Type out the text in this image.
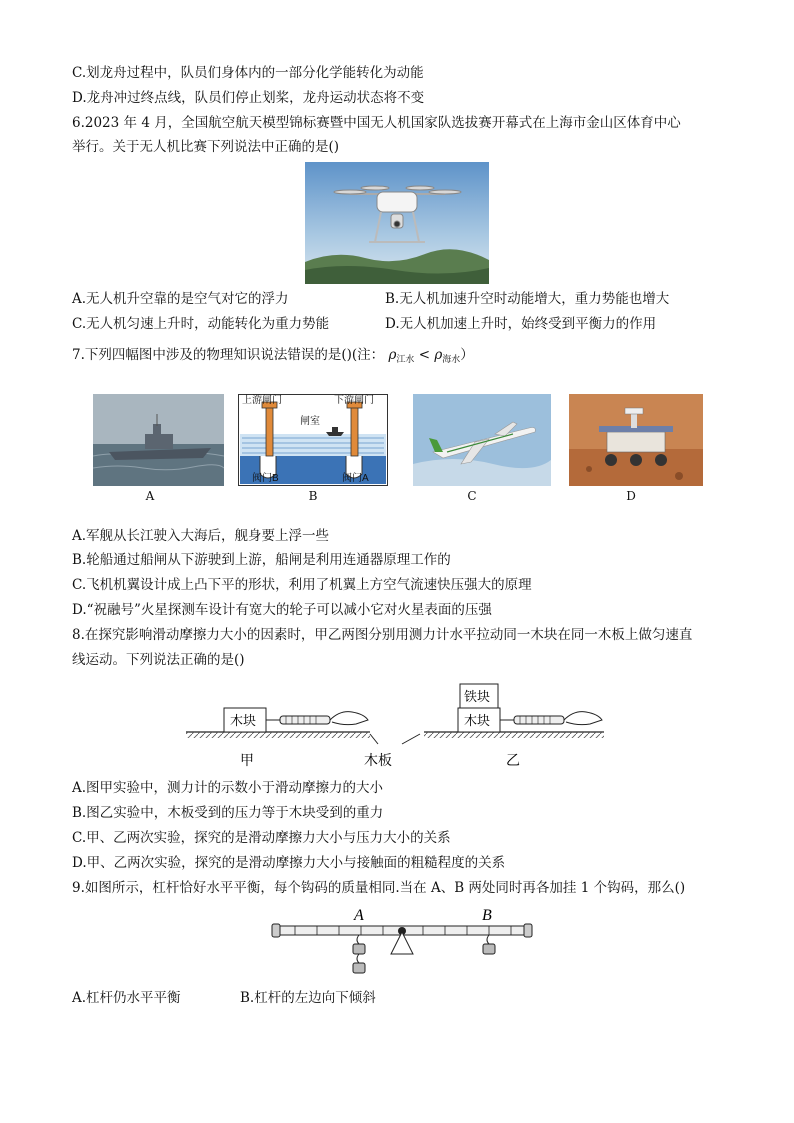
C.划龙舟过程中，队员们身体内的一部分化学能转化为动能
D.龙舟冲过终点线，队员们停止划桨，龙舟运动状态将不变
6.2023 年 4 月，全国航空航天模型锦标赛暨中国无人机国家队选拔赛开幕式在上海市金山区体育中心
举行。关于无人机比赛下列说法中正确的是()
A.无人机升空靠的是空气对它的浮力	B.无人机加速升空时动能增大，重力势能也增大
C.无人机匀速上升时，动能转化为重力势能	D.无人机加速上升时，始终受到平衡力的作用
7.下列四幅图中涉及的物理知识说法错误的是()(注： $\rho_{江水} < \rho_{海水}$）
上游闸门	下游闸门
闸室
阀门B	阀门A
A	B	C	D
A.军舰从长江驶入大海后，舰身要上浮一些
B.轮船通过船闸从下游驶到上游，船闸是利用连通器原理工作的
C.飞机机翼设计成上凸下平的形状，利用了机翼上方空气流速快压强大的原理
D.“祝融号”火星探测车设计有宽大的轮子可以减小它对火星表面的压强
8.在探究影响滑动摩擦力大小的因素时，甲乙两图分别用测力计水平拉动同一木块在同一木板上做匀速直
线运动。下列说法正确的是()
木块	木块
铁块
甲	木板	乙
A.图甲实验中，测力计的示数小于滑动摩擦力的大小
B.图乙实验中，木板受到的压力等于木块受到的重力
C.甲、乙两次实验，探究的是滑动摩擦力大小与压力大小的关系
D.甲、乙两次实验，探究的是滑动摩擦力大小与接触面的粗糙程度的关系
9.如图所示，杠杆恰好水平平衡，每个钩码的质量相同.当在 A、B 两处同时再各加挂 1 个钩码，那么()
A	B
A.杠杆仍水平平衡	B.杠杆的左边向下倾斜
